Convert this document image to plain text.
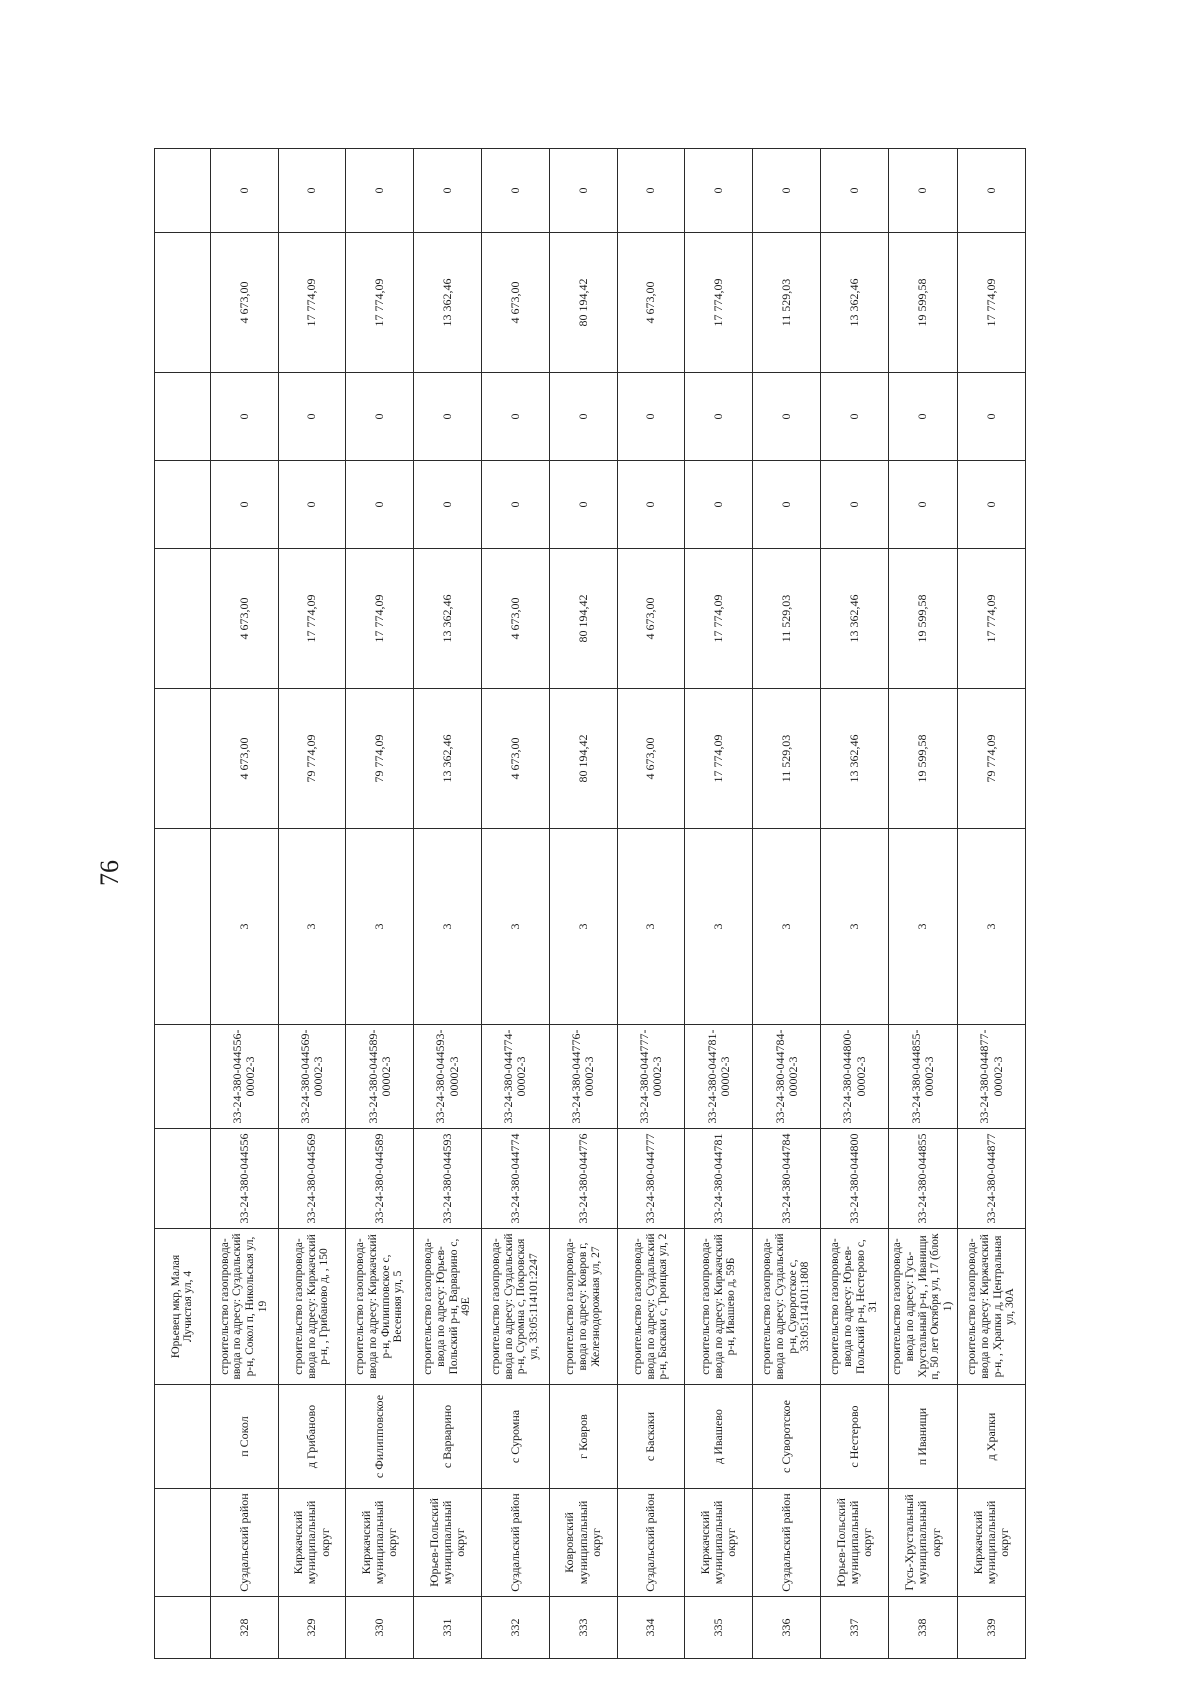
76
			Юрьевец мкр, Малая Лучистая ул, 4									
328	Суздальский район	п Сокол	строительство газопровода-ввода по адресу: Суздальский р-н, Сокол п, Никольская ул, 19	33-24-380-044556	33-24-380-044556-00002-3	3	4 673,00	4 673,00	0	0	4 673,00	0
329	Киржачский муниципальный округ	д Грибаново	строительство газопровода-ввода по адресу: Киржачский р-н, , Грибаново д, , 150	33-24-380-044569	33-24-380-044569-00002-3	3	79 774,09	17 774,09	0	0	17 774,09	0
330	Киржачский муниципальный округ	с Филипповское	строительство газопровода-ввода по адресу: Киржачский р-н, Филипповское с, Весенняя ул, 5	33-24-380-044589	33-24-380-044589-00002-3	3	79 774,09	17 774,09	0	0	17 774,09	0
331	Юрьев-Польский муниципальный округ	с Варварино	строительство газопровода-ввода по адресу: Юрьев-Польский р-н, Варварино с, 49Е	33-24-380-044593	33-24-380-044593-00002-3	3	13 362,46	13 362,46	0	0	13 362,46	0
332	Суздальский район	с Суромна	строительство газопровода-ввода по адресу: Суздальский р-н, Суромна с, Покровская ул, 33:05:114101:2247	33-24-380-044774	33-24-380-044774-00002-3	3	4 673,00	4 673,00	0	0	4 673,00	0
333	Ковровский муниципальный округ	г Ковров	строительство газопровода-ввода по адресу: Ковров г, Железнодорожная ул, 27	33-24-380-044776	33-24-380-044776-00002-3	3	80 194,42	80 194,42	0	0	80 194,42	0
334	Суздальский район	с Баскаки	строительство газопровода-ввода по адресу: Суздальский р-н, Баскаки с, Троицкая ул, 2	33-24-380-044777	33-24-380-044777-00002-3	3	4 673,00	4 673,00	0	0	4 673,00	0
335	Киржачский муниципальный округ	д Ивашево	строительство газопровода-ввода по адресу: Киржачский р-н, Ивашево д, 59Б	33-24-380-044781	33-24-380-044781-00002-3	3	17 774,09	17 774,09	0	0	17 774,09	0
336	Суздальский район	с Суворотское	строительство газопровода-ввода по адресу: Суздальский р-н, Суворотское с, 33:05:114101:1808	33-24-380-044784	33-24-380-044784-00002-3	3	11 529,03	11 529,03	0	0	11 529,03	0
337	Юрьев-Польский муниципальный округ	с Нестерово	строительство газопровода-ввода по адресу: Юрьев-Польский р-н, Нестерово с, 31	33-24-380-044800	33-24-380-044800-00002-3	3	13 362,46	13 362,46	0	0	13 362,46	0
338	Гусь-Хрустальный муниципальный округ	п Иванищи	строительство газопровода-ввода по адресу: Гусь-Хрустальный р-н, , Иванищи п, 50 лет Октября ул, 17 (блок 1)	33-24-380-044855	33-24-380-044855-00002-3	3	19 599,58	19 599,58	0	0	19 599,58	0
339	Киржачский муниципальный округ	д Храпки	строительство газопровода-ввода по адресу: Киржачский р-н, , Храпки д, Центральная ул, 30А	33-24-380-044877	33-24-380-044877-00002-3	3	79 774,09	17 774,09	0	0	17 774,09	0
